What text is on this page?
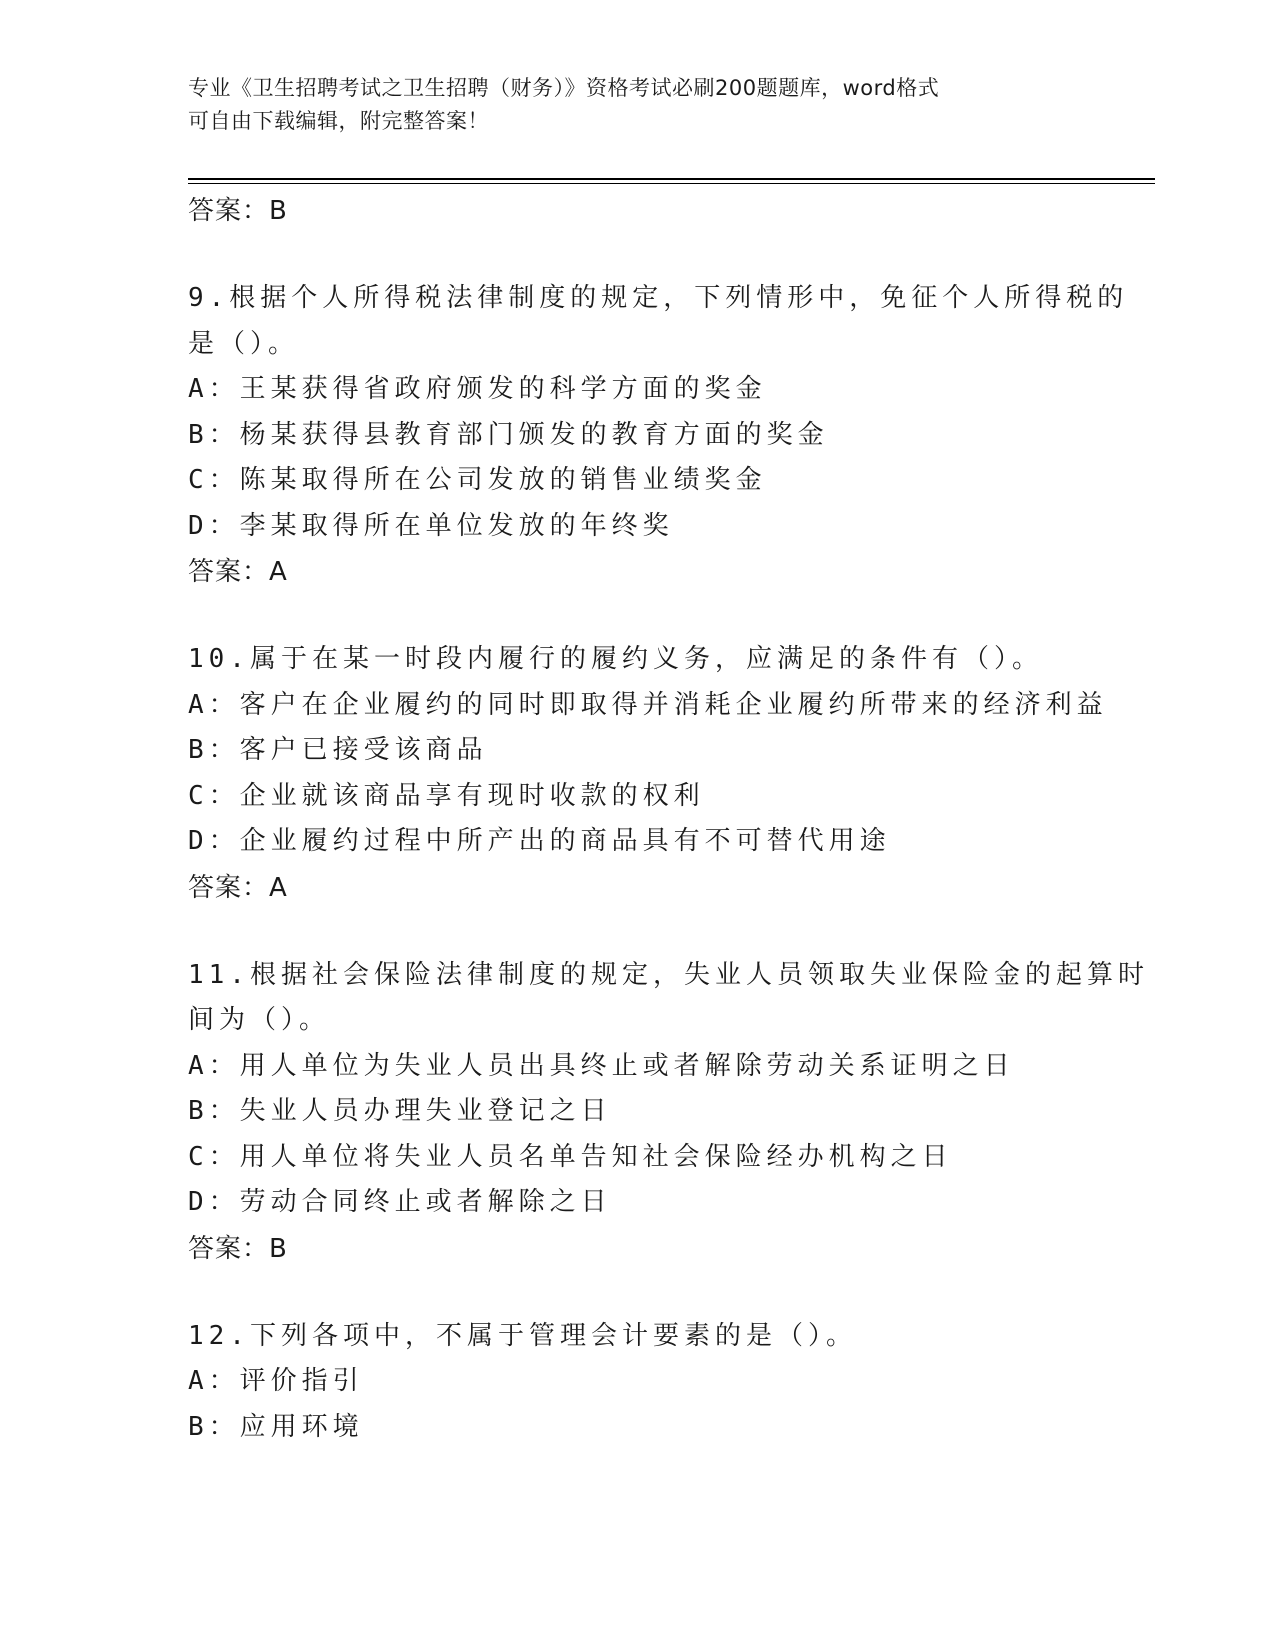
专业《卫生招聘考试之卫生招聘（财务）》资格考试必刷200题题库，word格式
可自由下载编辑，附完整答案！
答案：B
9.根据个人所得税法律制度的规定，下列情形中，免征个人所得税的
是（）。
A：王某获得省政府颁发的科学方面的奖金
B：杨某获得县教育部门颁发的教育方面的奖金
C：陈某取得所在公司发放的销售业绩奖金
D：李某取得所在单位发放的年终奖
答案：A
10.属于在某一时段内履行的履约义务，应满足的条件有（）。
A：客户在企业履约的同时即取得并消耗企业履约所带来的经济利益
B：客户已接受该商品
C：企业就该商品享有现时收款的权利
D：企业履约过程中所产出的商品具有不可替代用途
答案：A
11.根据社会保险法律制度的规定，失业人员领取失业保险金的起算时
间为（）。
A：用人单位为失业人员出具终止或者解除劳动关系证明之日
B：失业人员办理失业登记之日
C：用人单位将失业人员名单告知社会保险经办机构之日
D：劳动合同终止或者解除之日
答案：B
12.下列各项中，不属于管理会计要素的是（）。
A：评价指引
B：应用环境
